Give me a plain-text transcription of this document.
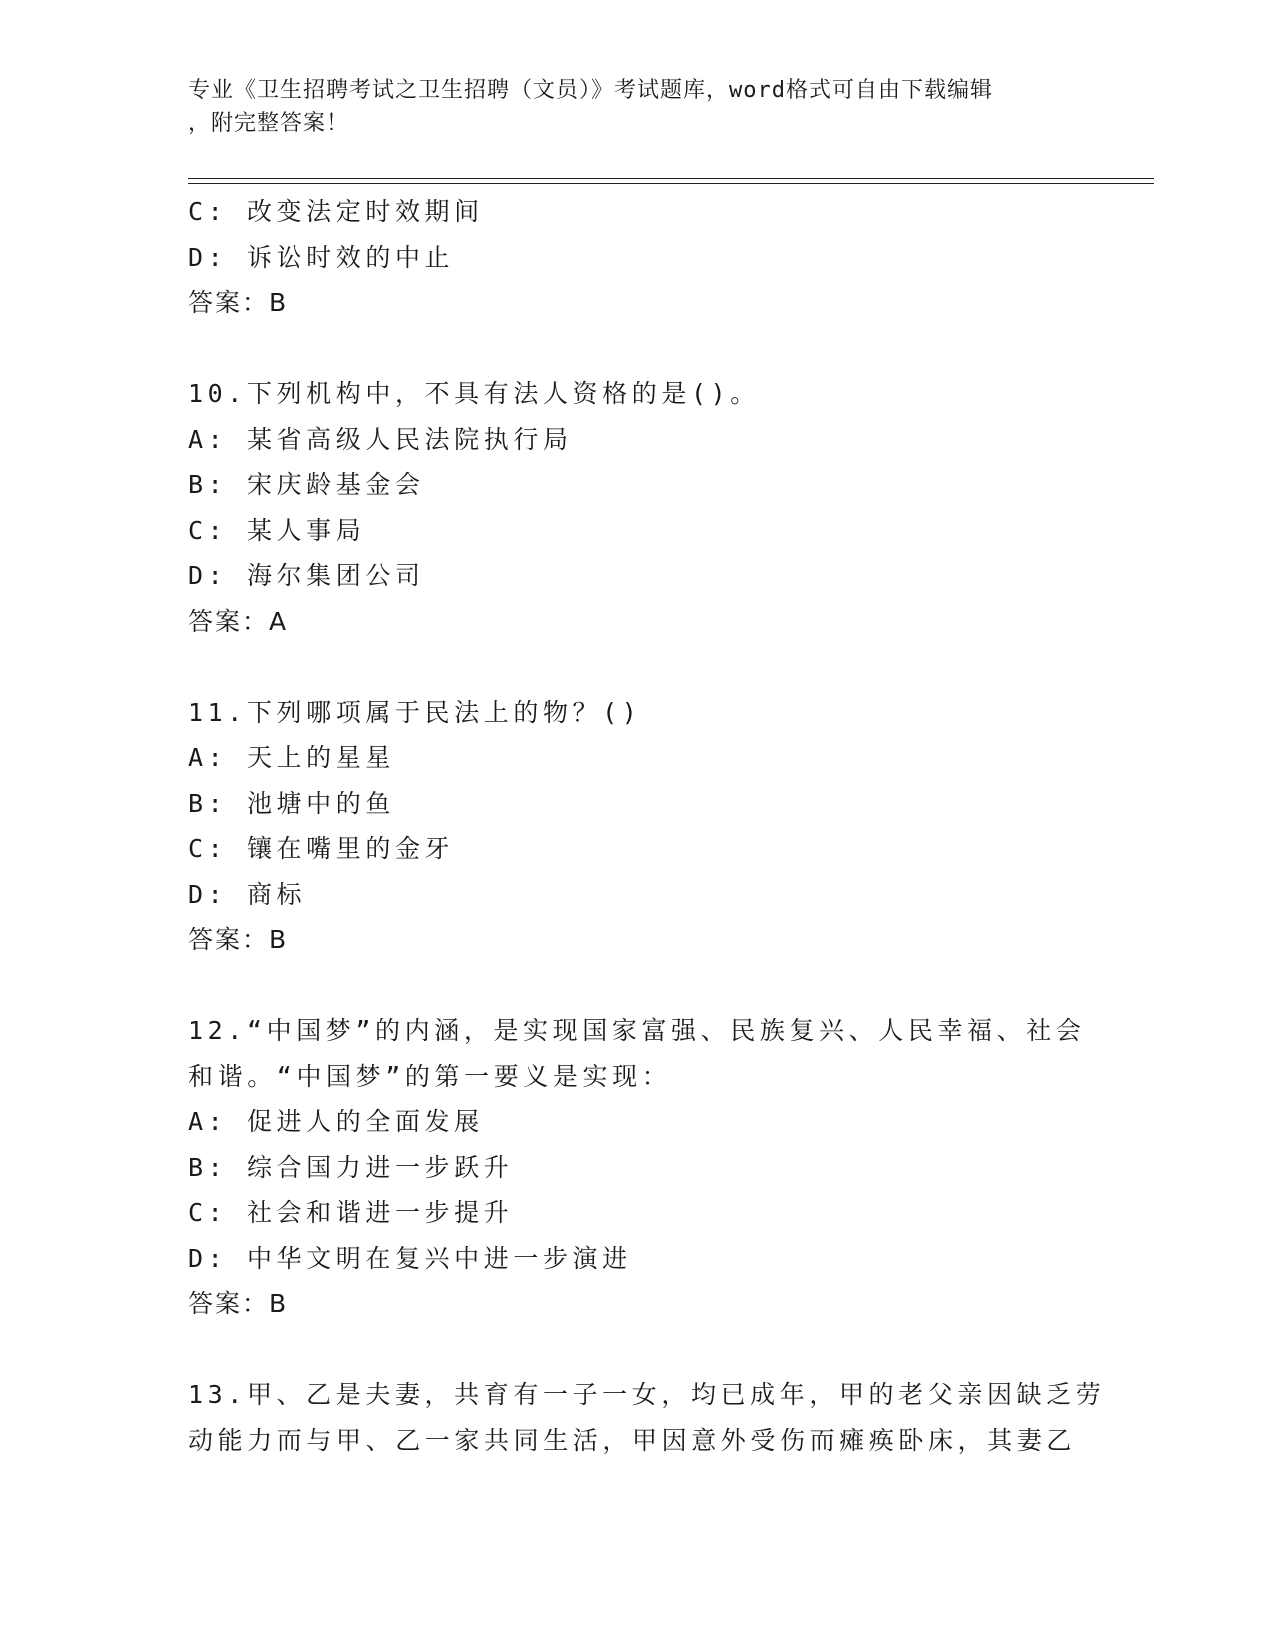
专业《卫生招聘考试之卫生招聘（文员）》考试题库，word格式可自由下载编辑
，附完整答案！
C: 改变法定时效期间
D: 诉讼时效的中止
答案：B
10.下列机构中，不具有法人资格的是()。
A: 某省高级人民法院执行局
B: 宋庆龄基金会
C: 某人事局
D: 海尔集团公司
答案：A
11.下列哪项属于民法上的物？()
A: 天上的星星
B: 池塘中的鱼
C: 镶在嘴里的金牙
D: 商标
答案：B
12.“中国梦”的内涵，是实现国家富强、民族复兴、人民幸福、社会
和谐。“中国梦”的第一要义是实现：
A: 促进人的全面发展
B: 综合国力进一步跃升
C: 社会和谐进一步提升
D: 中华文明在复兴中进一步演进
答案：B
13.甲、乙是夫妻，共育有一子一女，均已成年，甲的老父亲因缺乏劳
动能力而与甲、乙一家共同生活，甲因意外受伤而瘫痪卧床，其妻乙
